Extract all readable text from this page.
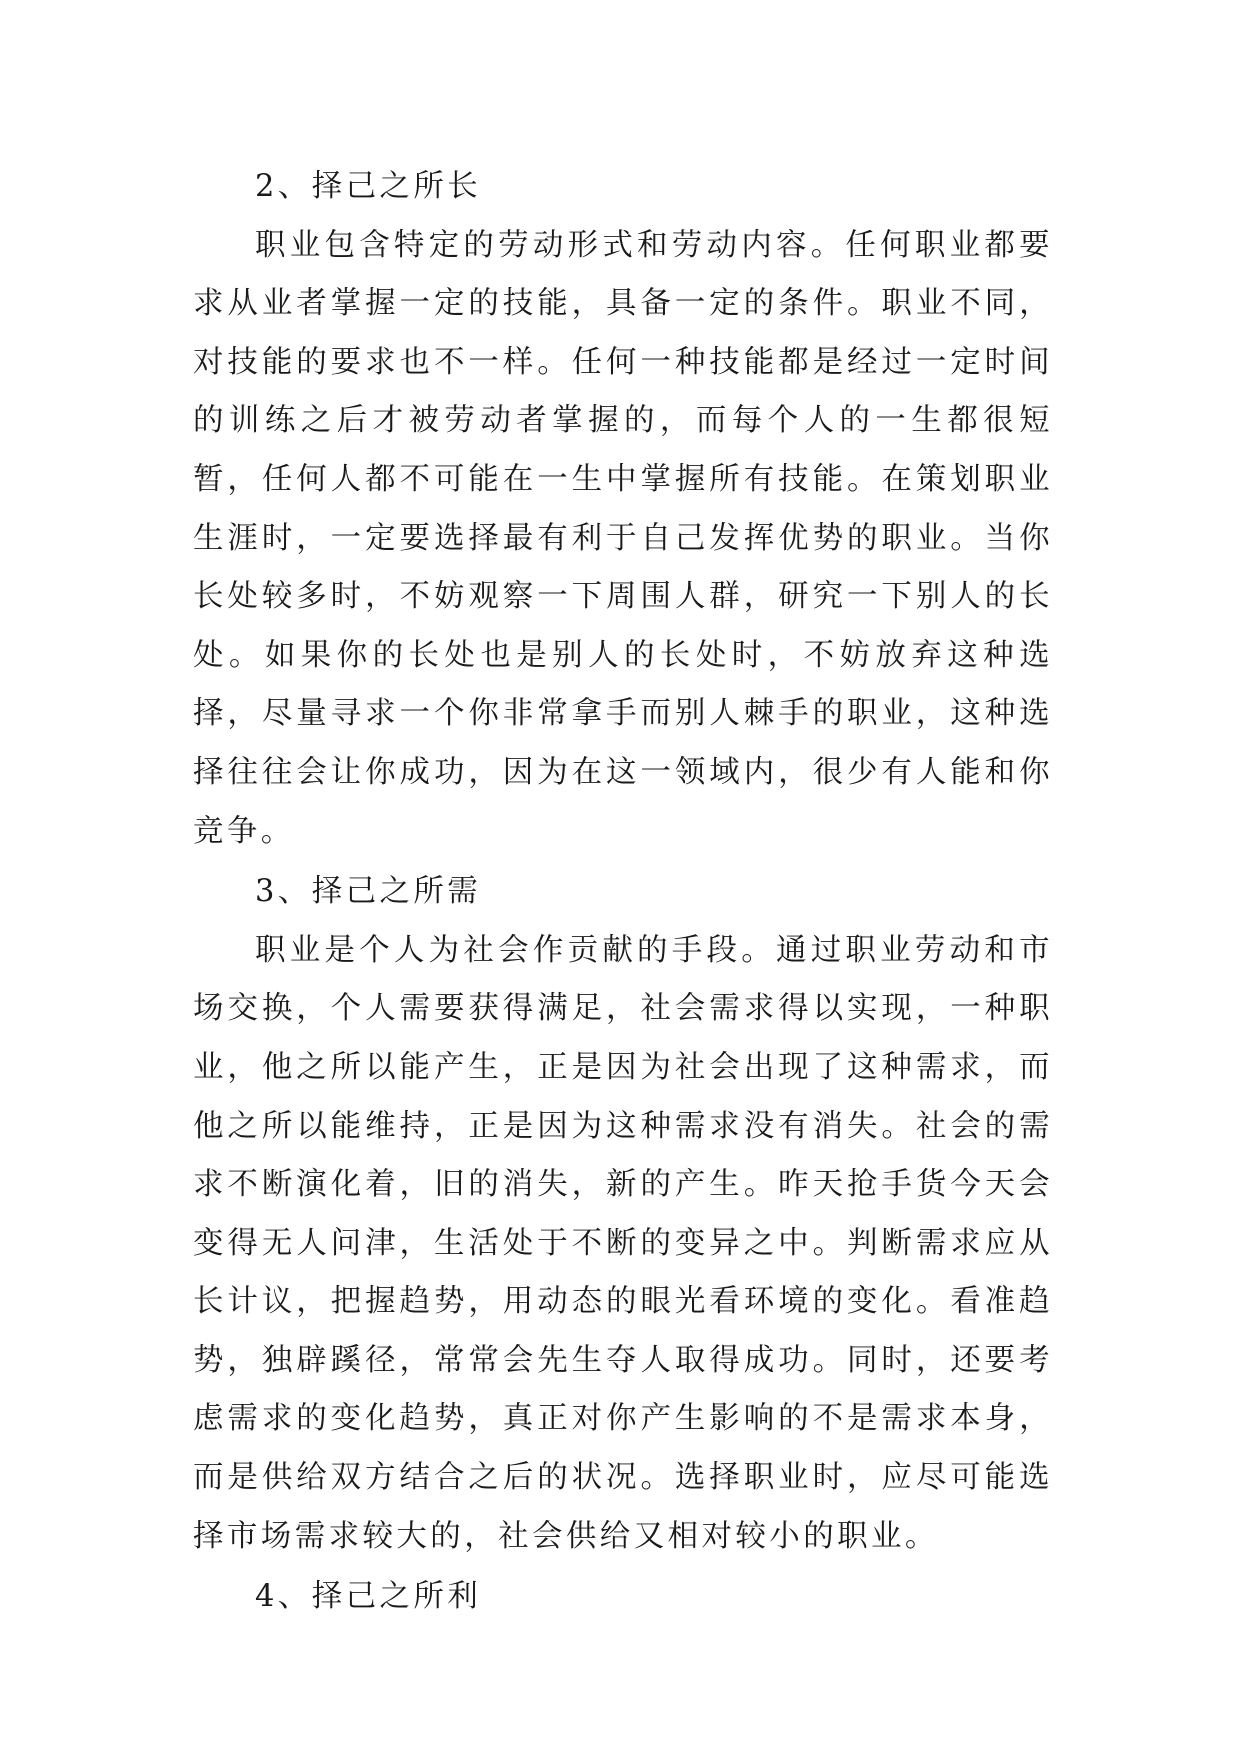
2、择己之所长

职业包含特定的劳动形式和劳动内容。任何职业都要求从业者掌握一定的技能，具备一定的条件。职业不同，对技能的要求也不一样。任何一种技能都是经过一定时间的训练之后才被劳动者掌握的，而每个人的一生都很短暂，任何人都不可能在一生中掌握所有技能。在策划职业生涯时，一定要选择最有利于自己发挥优势的职业。当你长处较多时，不妨观察一下周围人群，研究一下别人的长处。如果你的长处也是别人的长处时，不妨放弃这种选择，尽量寻求一个你非常拿手而别人棘手的职业，这种选择往往会让你成功，因为在这一领域内，很少有人能和你竞争。

3、择己之所需

职业是个人为社会作贡献的手段。通过职业劳动和市场交换，个人需要获得满足，社会需求得以实现，一种职业，他之所以能产生，正是因为社会出现了这种需求，而他之所以能维持，正是因为这种需求没有消失。社会的需求不断演化着，旧的消失，新的产生。昨天抢手货今天会变得无人问津，生活处于不断的变异之中。判断需求应从长计议，把握趋势，用动态的眼光看环境的变化。看准趋势，独辟蹊径，常常会先生夺人取得成功。同时，还要考虑需求的变化趋势，真正对你产生影响的不是需求本身，而是供给双方结合之后的状况。选择职业时，应尽可能选择市场需求较大的，社会供给又相对较小的职业。

4、择己之所利
